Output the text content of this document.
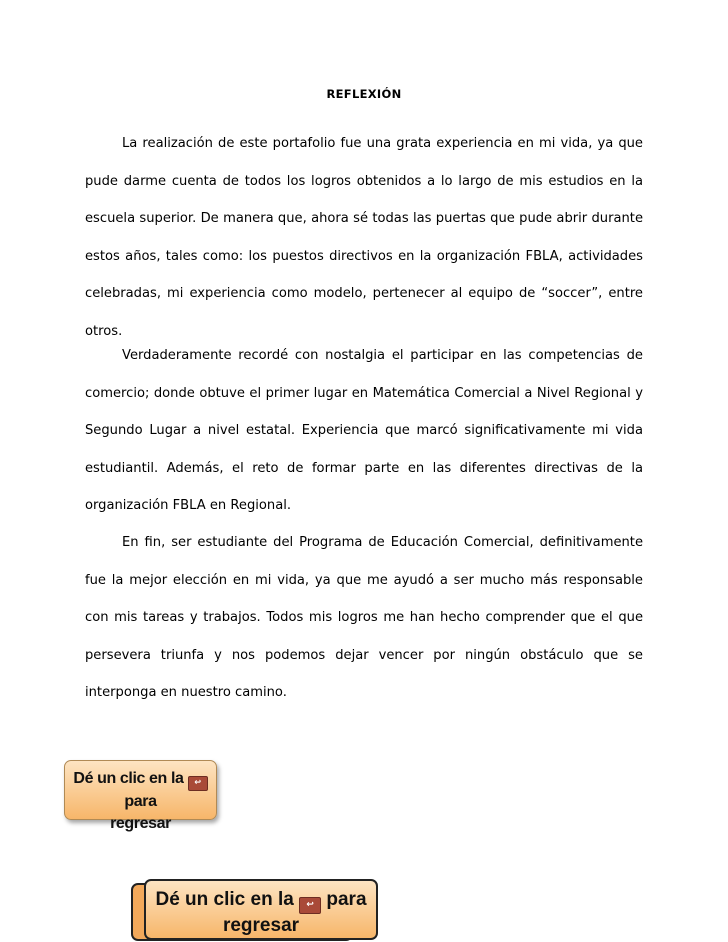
REFLEXIÓN

La realización de este portafolio fue una grata experiencia en mi vida, ya que pude darme cuenta de todos los logros obtenidos a lo largo de mis estudios en la escuela superior. De manera que, ahora sé todas las puertas que pude abrir durante estos años, tales como: los puestos directivos en la organización FBLA, actividades celebradas, mi experiencia como modelo, pertenecer al equipo de “soccer”, entre otros.

Verdaderamente recordé con nostalgia el participar en las competencias de comercio; donde obtuve el primer lugar en Matemática Comercial a Nivel Regional y Segundo Lugar a nivel estatal. Experiencia que marcó significativamente mi vida estudiantil. Además, el reto de formar parte en las diferentes directivas de la organización FBLA en Regional.

En fin, ser estudiante del Programa de Educación Comercial, definitivamente fue la mejor elección en mi vida, ya que me ayudó a ser mucho más responsable con mis tareas y trabajos. Todos mis logros me han hecho comprender que el que persevera triunfa y nos podemos dejar vencer por ningún obstáculo que se interponga en nuestro camino.

Dé un clic en la ↩ para
regresar
Dé un clic en la ↩ para
regresar
